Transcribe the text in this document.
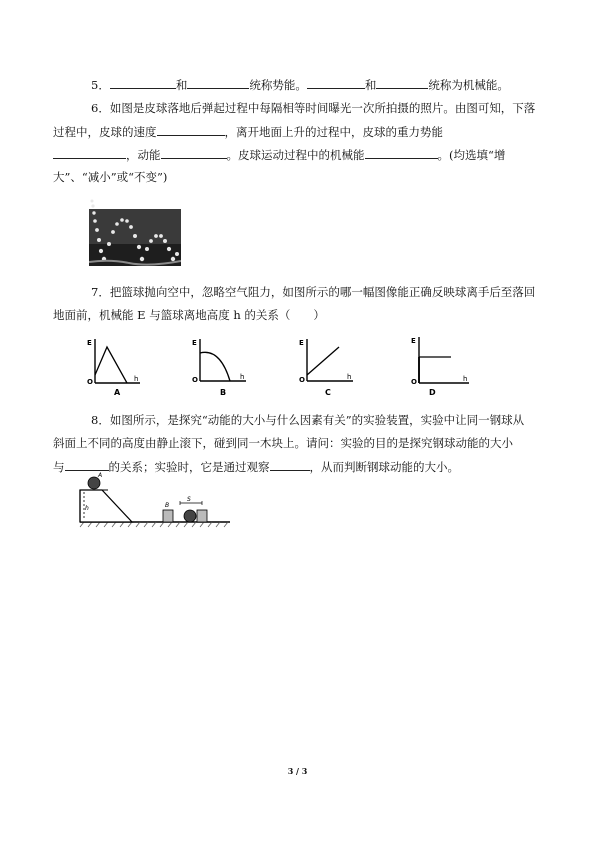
5．	和	统称势能。	和	统称为机械能。
6．如图是皮球落地后弹起过程中每隔相等时间曝光一次所拍摄的照片。由图可知，下落
过程中，皮球的速度	，离开地面上升的过程中，皮球的重力势能
，动能	。皮球运动过程中的机械能	。(均选填“增
大”、“减小”或“不变”)
7．把篮球抛向空中，忽略空气阻力，如图所示的哪一幅图像能正确反映球离手后至落回
地面前，机械能 E 与篮球离地高度 h 的关系（　　）
E
h
O
A
E
h
O
B
E
h
O
C
E
h
O
D
8．如图所示，是探究“动能的大小与什么因素有关”的实验装置，实验中让同一钢球从
斜面上不同的高度由静止滚下，碰到同一木块上。请问：实验的目的是探究钢球动能的大小
与	的关系；实验时，它是通过观察	，从而判断钢球动能的大小。
h
A
B
S
3 / 3
